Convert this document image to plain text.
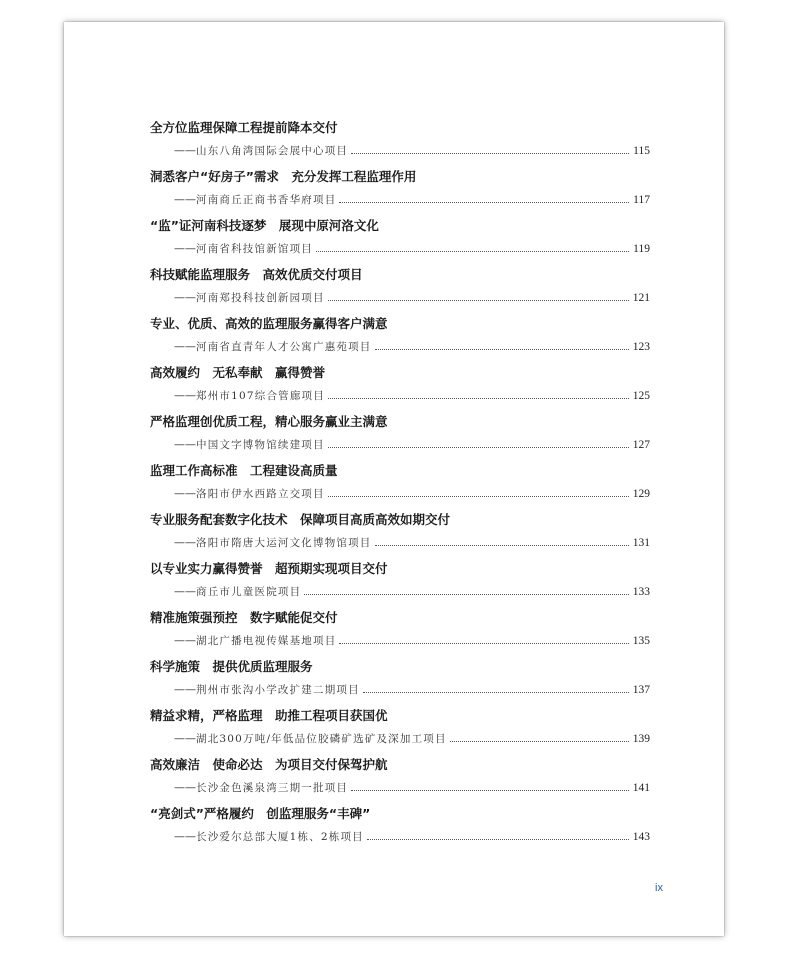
全方位监理保障工程提前降本交付
—— 山东八角湾国际会展中心项目	115
洞悉客户“好房子”需求　充分发挥工程监理作用
—— 河南商丘正商书香华府项目	117
“监”证河南科技逐梦　展现中原河洛文化
—— 河南省科技馆新馆项目	119
科技赋能监理服务　高效优质交付项目
—— 河南郑投科技创新园项目	121
专业、优质、高效的监理服务赢得客户满意
—— 河南省直青年人才公寓广惠苑项目	123
高效履约　无私奉献　赢得赞誉
—— 郑州市107综合管廊项目	125
严格监理创优质工程，精心服务赢业主满意
—— 中国文字博物馆续建项目	127
监理工作高标准　工程建设高质量
—— 洛阳市伊水西路立交项目	129
专业服务配套数字化技术　保障项目高质高效如期交付
—— 洛阳市隋唐大运河文化博物馆项目	131
以专业实力赢得赞誉　超预期实现项目交付
—— 商丘市儿童医院项目	133
精准施策强预控　数字赋能促交付
—— 湖北广播电视传媒基地项目	135
科学施策　提供优质监理服务
—— 荆州市张沟小学改扩建二期项目	137
精益求精，严格监理　助推工程项目获国优
—— 湖北300万吨/年低品位胶磷矿选矿及深加工项目	139
高效廉洁　使命必达　为项目交付保驾护航
—— 长沙金色溪泉湾三期一批项目	141
“亮剑式”严格履约　创监理服务“丰碑”
—— 长沙爱尔总部大厦1栋、2栋项目	143
ix
